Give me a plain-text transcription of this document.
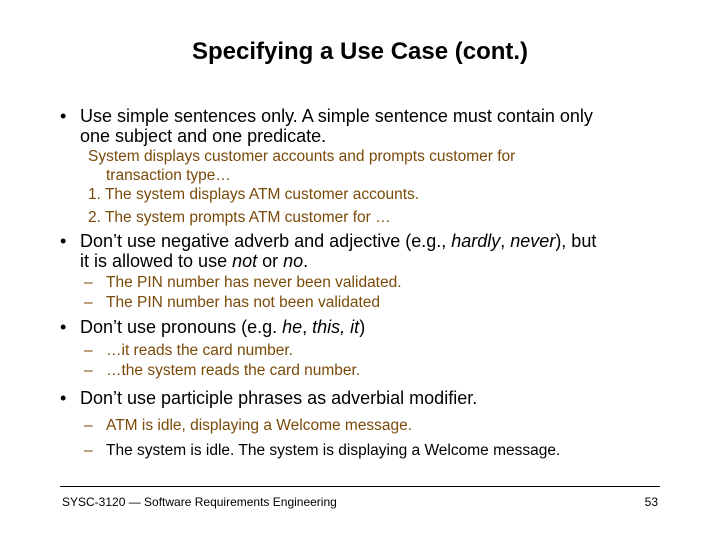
Specifying a Use Case (cont.)
• Use simple sentences only. A simple sentence must contain only
one subject and one predicate.
System displays customer accounts and prompts customer for
transaction type…
1. The system displays ATM customer accounts.
2. The system prompts ATM customer for …
• Don’t use negative adverb and adjective (e.g., hardly, never), but
it is allowed to use not or no.
– The PIN number has never been validated.
– The PIN number has not been validated
• Don’t use pronouns (e.g. he, this, it)
– …it reads the card number.
– …the system reads the card number.
• Don’t use participle phrases as adverbial modifier.
– ATM is idle, displaying a Welcome message.
– The system is idle. The system is displaying a Welcome message.
SYSC-3120 — Software Requirements Engineering	53
